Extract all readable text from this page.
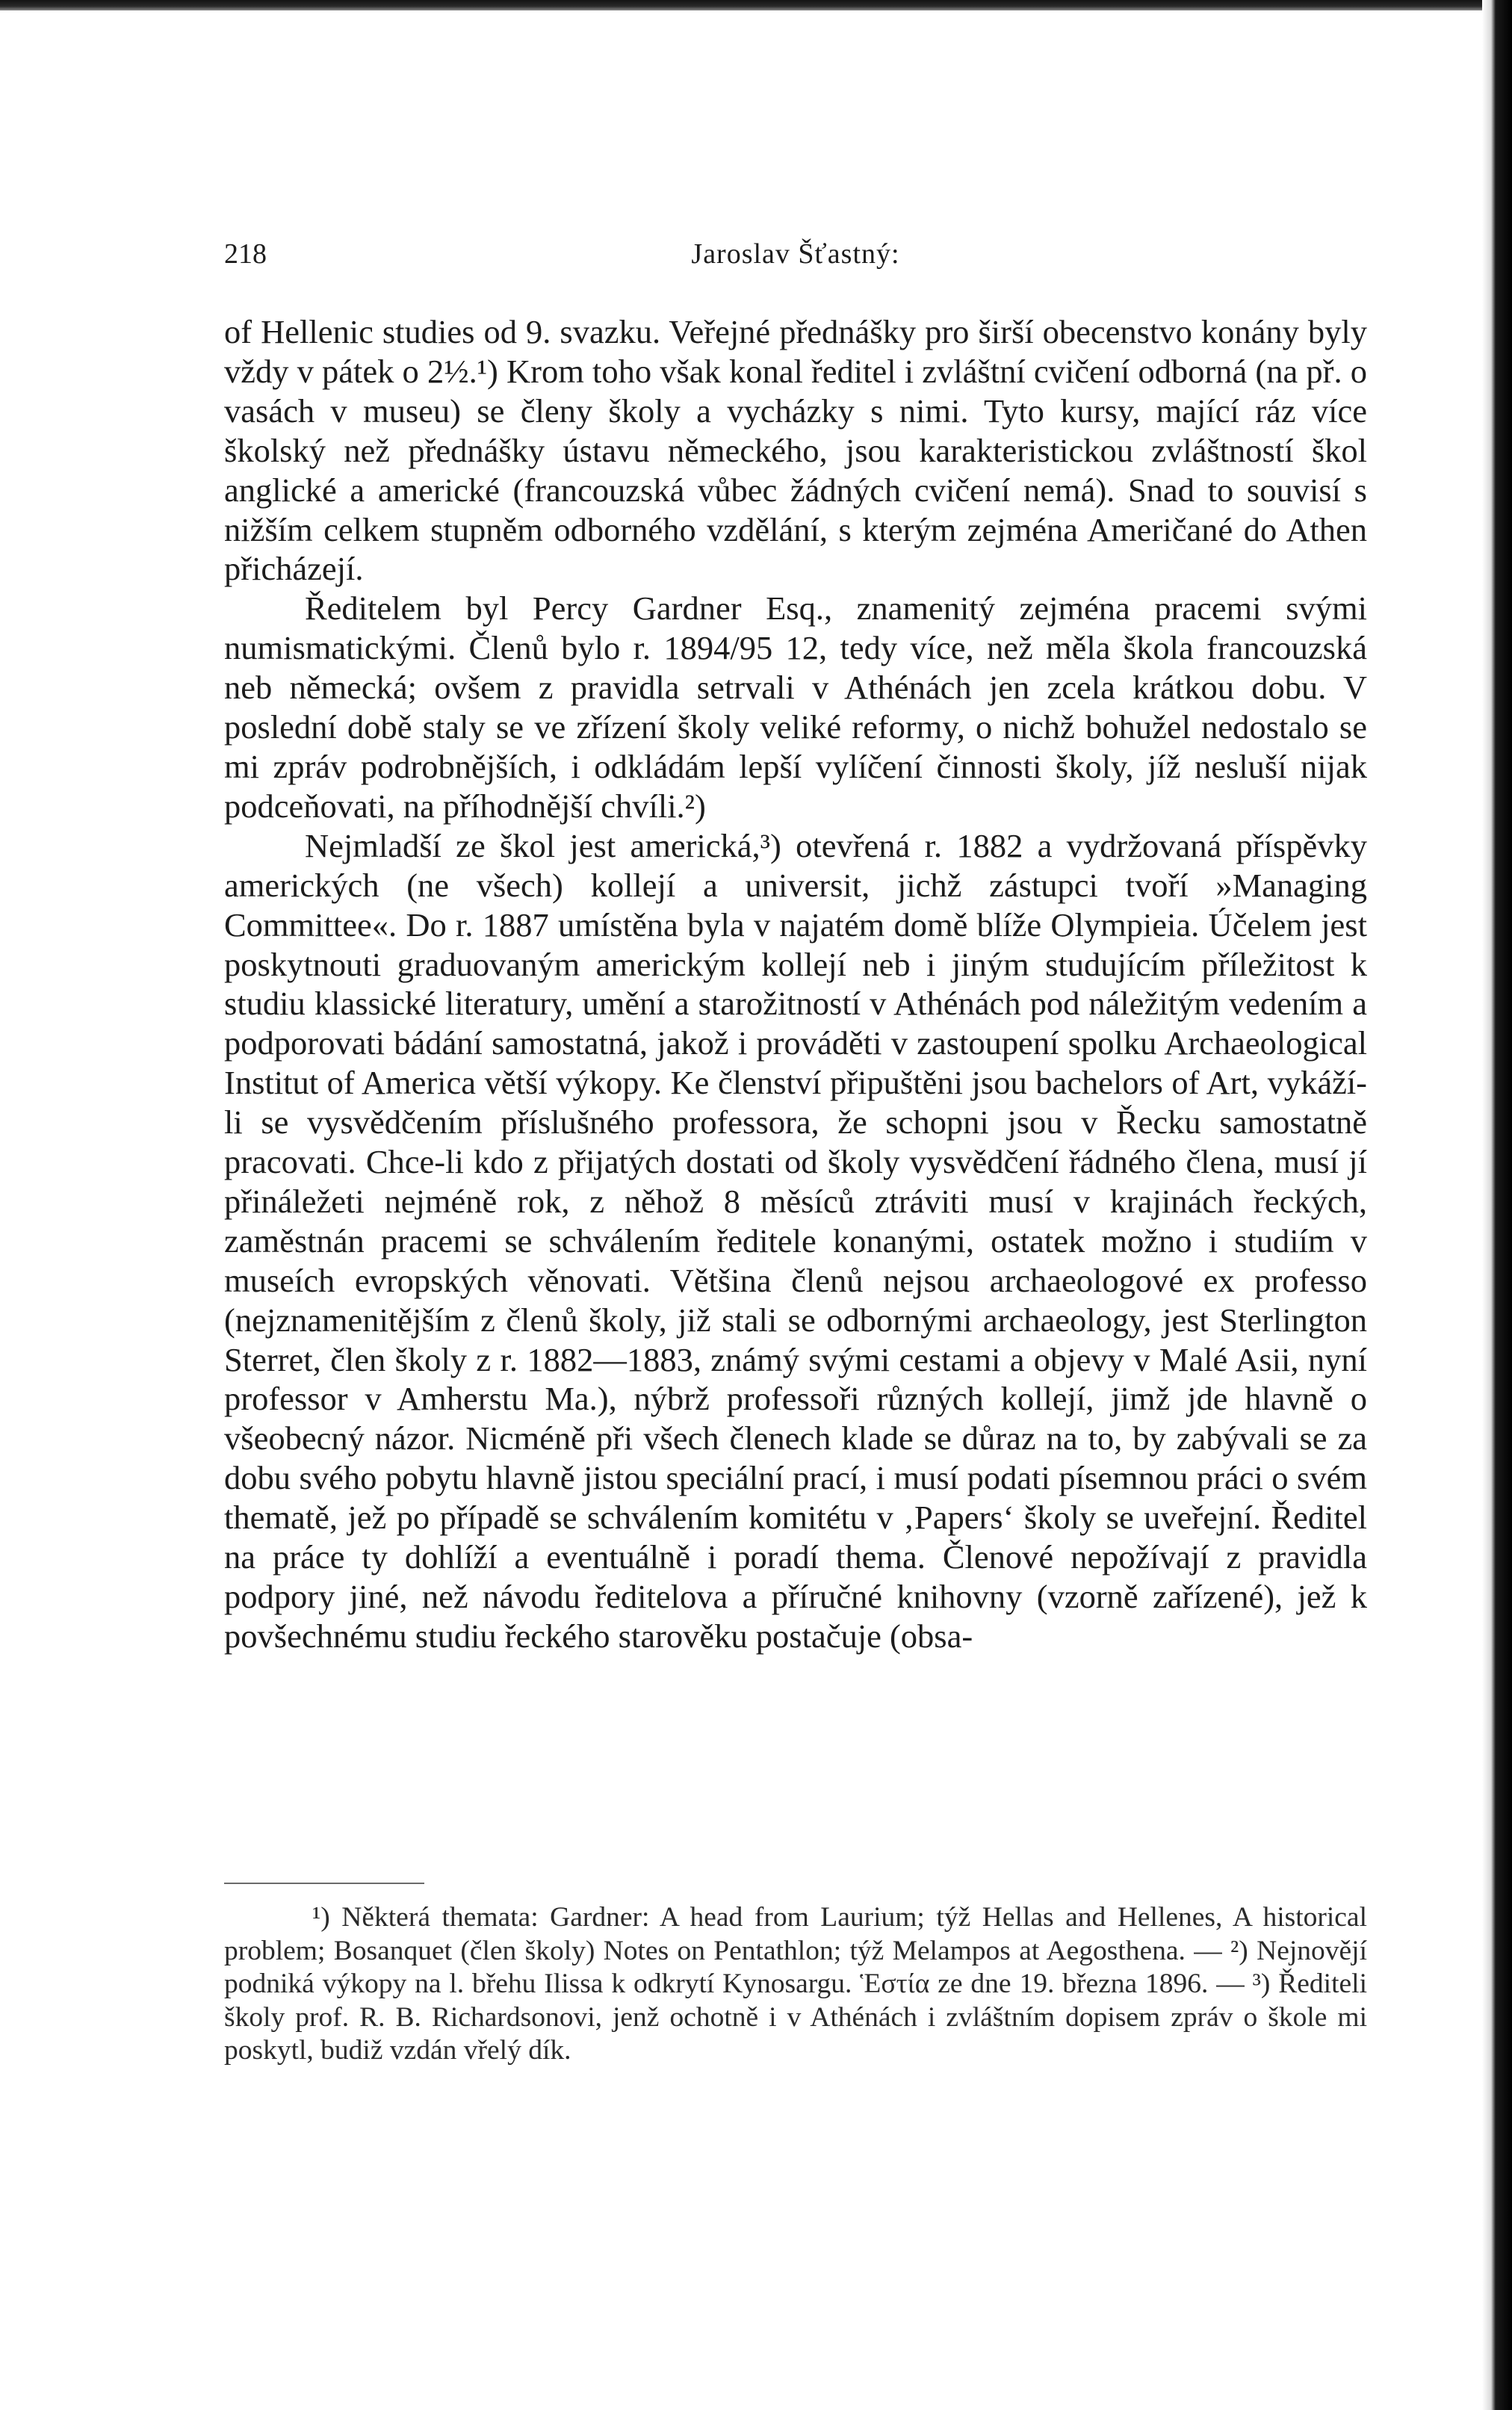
218	Jaroslav Šťastný:

of Hellenic studies od 9. svazku. Veřejné přednášky pro širší obecenstvo konány byly vždy v pátek o 2½.¹) Krom toho však konal ředitel i zvláštní cvičení odborná (na př. o vasách v museu) se členy školy a vycházky s nimi. Tyto kursy, mající ráz více školský než přednášky ústavu německého, jsou karakteristickou zvláštností škol anglické a americké (francouzská vůbec žádných cvičení nemá). Snad to souvisí s nižším celkem stupněm odborného vzdělání, s kterým zejména Američané do Athen přicházejí.

Ředitelem byl Percy Gardner Esq., znamenitý zejména pracemi svými numismatickými. Členů bylo r. 1894/95 12, tedy více, než měla škola francouzská neb německá; ovšem z pravidla setrvali v Athénách jen zcela krátkou dobu. V poslední době staly se ve zřízení školy veliké reformy, o nichž bohužel nedostalo se mi zpráv podrobnějších, i odkládám lepší vylíčení činnosti školy, jíž nesluší nijak podceňovati, na příhodnější chvíli.²)

Nejmladší ze škol jest americká,³) otevřená r. 1882 a vydržovaná příspěvky amerických (ne všech) kollejí a universit, jichž zástupci tvoří »Managing Committee«. Do r. 1887 umístěna byla v najatém domě blíže Olympieia. Účelem jest poskytnouti graduovaným americkým kollejí neb i jiným studujícím příležitost k studiu klassické literatury, umění a starožitností v Athénách pod náležitým vedením a podporovati bádání samostatná, jakož i prováděti v zastoupení spolku Archaeological Institut of America větší výkopy. Ke členství připuštěni jsou bachelors of Art, vykáží-li se vysvědčením příslušného professora, že schopni jsou v Řecku samostatně pracovati. Chce-li kdo z přijatých dostati od školy vysvědčení řádného člena, musí jí přináležeti nejméně rok, z něhož 8 měsíců ztráviti musí v krajinách řeckých, zaměstnán pracemi se schválením ředitele konanými, ostatek možno i studiím v museích evropských věnovati. Většina členů nejsou archaeologové ex professo (nejznamenitějším z členů školy, již stali se odbornými archaeology, jest Sterlington Sterret, člen školy z r. 1882—1883, známý svými cestami a objevy v Malé Asii, nyní professor v Amherstu Ma.), nýbrž professoři různých kollejí, jimž jde hlavně o všeobecný názor. Nicméně při všech členech klade se důraz na to, by zabývali se za dobu svého pobytu hlavně jistou speciální prací, i musí podati písemnou práci o svém thematě, jež po případě se schválením komitétu v ‚Papers‘ školy se uveřejní. Ředitel na práce ty dohlíží a eventuálně i poradí thema. Členové nepožívají z pravidla podpory jiné, než návodu ředitelova a příručné knihovny (vzorně zařízené), jež k povšechnému studiu řeckého starověku postačuje (obsa-

¹) Některá themata: Gardner: A head from Laurium; týž Hellas and Hellenes, A historical problem; Bosanquet (člen školy) Notes on Pentathlon; týž Melampos at Aegosthena. — ²) Nejnovějí podniká výkopy na l. břehu Ilissa k odkrytí Kynosargu. Ἑστία ze dne 19. března 1896. — ³) Řediteli školy prof. R. B. Richardsonovi, jenž ochotně i v Athénách i zvláštním dopisem zpráv o škole mi poskytl, budiž vzdán vřelý dík.
